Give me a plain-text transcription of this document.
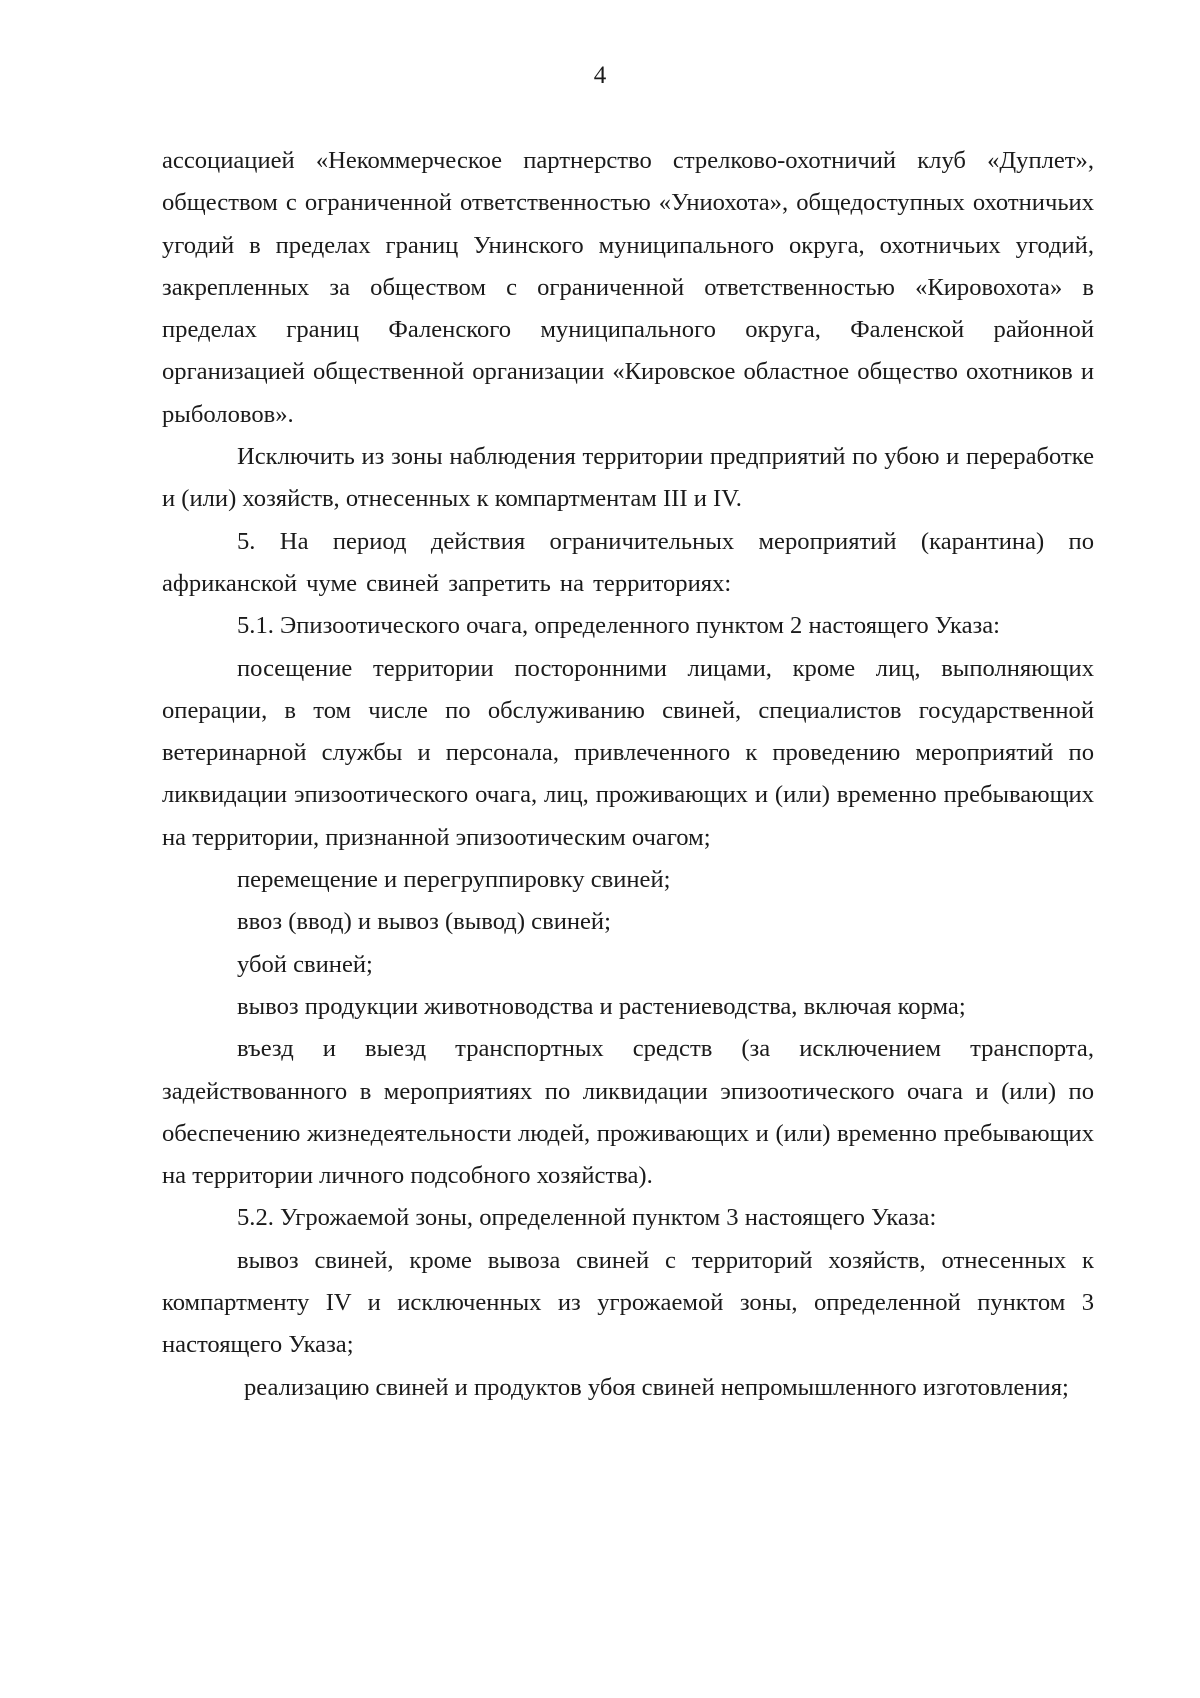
4

ассоциацией «Некоммерческое партнерство стрелково-охотничий клуб «Дуплет», обществом с ограниченной ответственностью «Униохота», общедоступных охотничьих угодий в пределах границ Унинского муниципального округа, охотничьих угодий, закрепленных за обществом с ограниченной ответственностью «Кировохота» в пределах границ Фаленского муниципального округа, Фаленской районной организацией общественной организации «Кировское областное общество охотников и рыболовов».

Исключить из зоны наблюдения территории предприятий по убою и переработке и (или) хозяйств, отнесенных к компартментам III и IV.

5. На период действия ограничительных мероприятий (карантина) по африканской чуме свиней запретить на территориях:

5.1. Эпизоотического очага, определенного пунктом 2 настоящего Указа:

посещение территории посторонними лицами, кроме лиц, выполняющих операции, в том числе по обслуживанию свиней, специалистов государственной ветеринарной службы и персонала, привлеченного к проведению мероприятий по ликвидации эпизоотического очага, лиц, проживающих и (или) временно пребывающих на территории, признанной эпизоотическим очагом;

перемещение и перегруппировку свиней;

ввоз (ввод) и вывоз (вывод) свиней;

убой свиней;

вывоз продукции животноводства и растениеводства, включая корма;

въезд и выезд транспортных средств (за исключением транспорта, задействованного в мероприятиях по ликвидации эпизоотического очага и (или) по обеспечению жизнедеятельности людей, проживающих и (или) временно пребывающих на территории личного подсобного хозяйства).

5.2. Угрожаемой зоны, определенной пунктом 3 настоящего Указа:

вывоз свиней, кроме вывоза свиней с территорий хозяйств, отнесенных к компартменту IV и исключенных из угрожаемой зоны, определенной пунктом 3 настоящего Указа;

реализацию свиней и продуктов убоя свиней непромышленного изготовления;
